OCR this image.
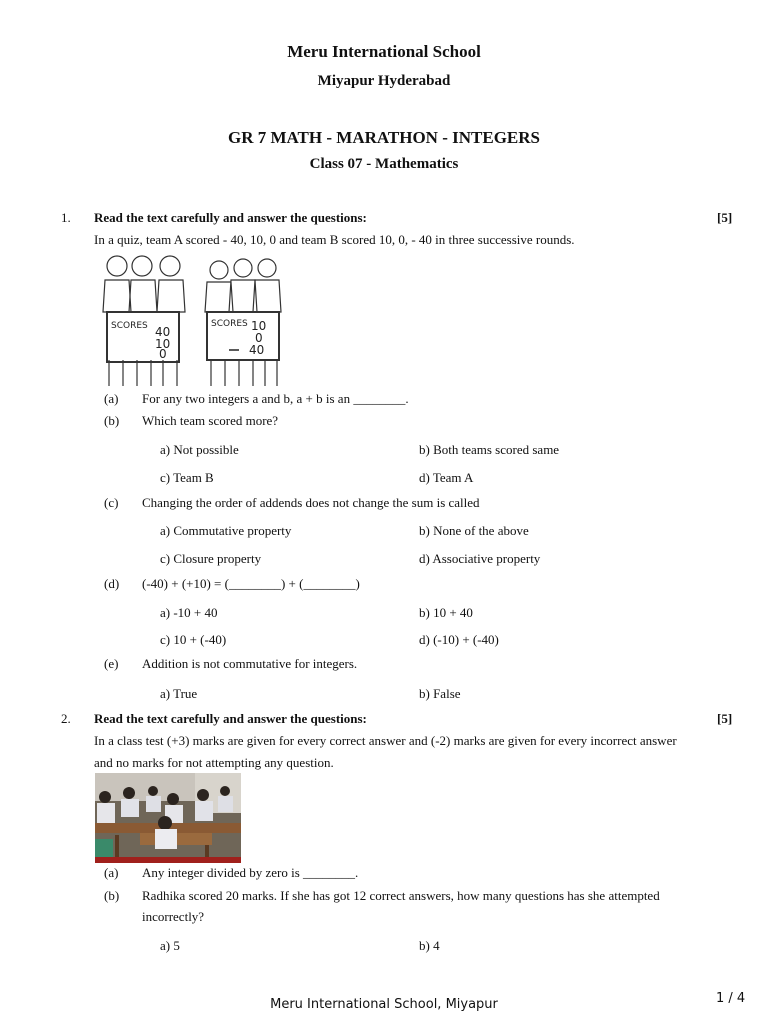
Meru International School
Miyapur Hyderabad
GR 7 MATH - MARATHON - INTEGERS
Class 07 - Mathematics
1. Read the text carefully and answer the questions:	[5]
In a quiz, team A scored - 40, 10, 0 and team B scored 10, 0, - 40 in three successive rounds.
SCORES 40
10
0
SCORES 10
0
40
(a) For any two integers a and b, a + b is an ________.
(b) Which team scored more?
a) Not possible	b) Both teams scored same
c) Team B	d) Team A
(c) Changing the order of addends does not change the sum is called
a) Commutative property	b) None of the above
c) Closure property	d) Associative property
(d) (-40) + (+10) = (________) + (________)
a) -10 + 40	b) 10 + 40
c) 10 + (-40)	d) (-10) + (-40)
(e) Addition is not commutative for integers.
a) True	b) False
2. Read the text carefully and answer the questions:	[5]
In a class test (+3) marks are given for every correct answer and (-2) marks are given for every incorrect answer
and no marks for not attempting any question.
(a) Any integer divided by zero is ________.
(b) Radhika scored 20 marks. If she has got 12 correct answers, how many questions has she attempted
incorrectly?
a) 5	b) 4
Meru International School, Miyapur	1 / 4
